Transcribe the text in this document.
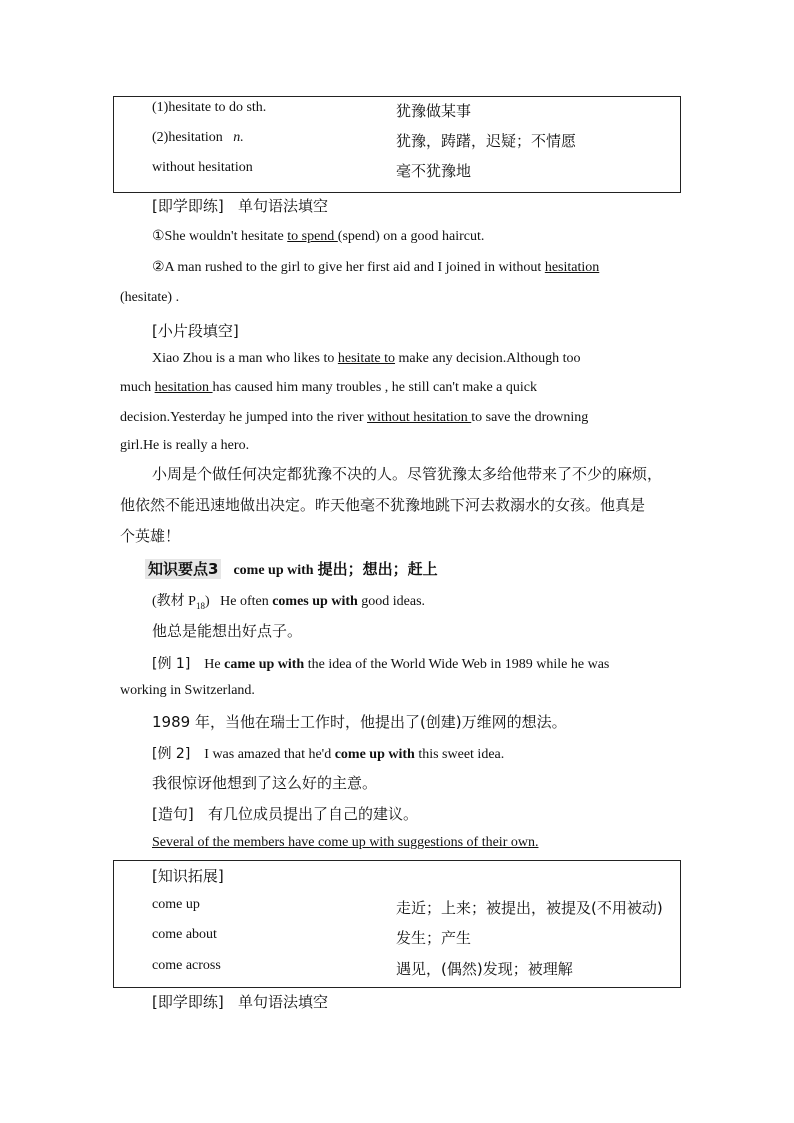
(1)hesitate to do sth.	犹豫做某事
(2)hesitation n.	犹豫，踌躇，迟疑；不情愿
without hesitation	毫不犹豫地
[即学即练] 单句语法填空
①She wouldn't hesitate to spend (spend) on a good haircut.
②A man rushed to the girl to give her first aid and I joined in without hesitation
(hesitate) .
[小片段填空]
Xiao Zhou is a man who likes to hesitate to make any decision.Although too
much hesitation has caused him many troubles , he still can't make a quick
decision.Yesterday he jumped into the river without hesitation to save the drowning
girl.He is really a hero.
小周是个做任何决定都犹豫不决的人。尽管犹豫太多给他带来了不少的麻烦，
他依然不能迅速地做出决定。昨天他毫不犹豫地跳下河去救溺水的女孩。他真是
个英雄！
知识要点3 come up with 提出；想出；赶上
(教材 $P_{18}$) He often comes up with good ideas.
他总是能想出好点子。
[例 1] He came up with the idea of the World Wide Web in 1989 while he was
working in Switzerland.
1989 年，当他在瑞士工作时，他提出了(创建)万维网的想法。
[例 2] I was amazed that he'd come up with this sweet idea.
我很惊讶他想到了这么好的主意。
[造句] 有几位成员提出了自己的建议。
Several of the members have come up with suggestions of their own.
[知识拓展]
come up	走近；上来；被提出，被提及(不用被动)
come about	发生；产生
come across	遇见，(偶然)发现；被理解
[即学即练] 单句语法填空
